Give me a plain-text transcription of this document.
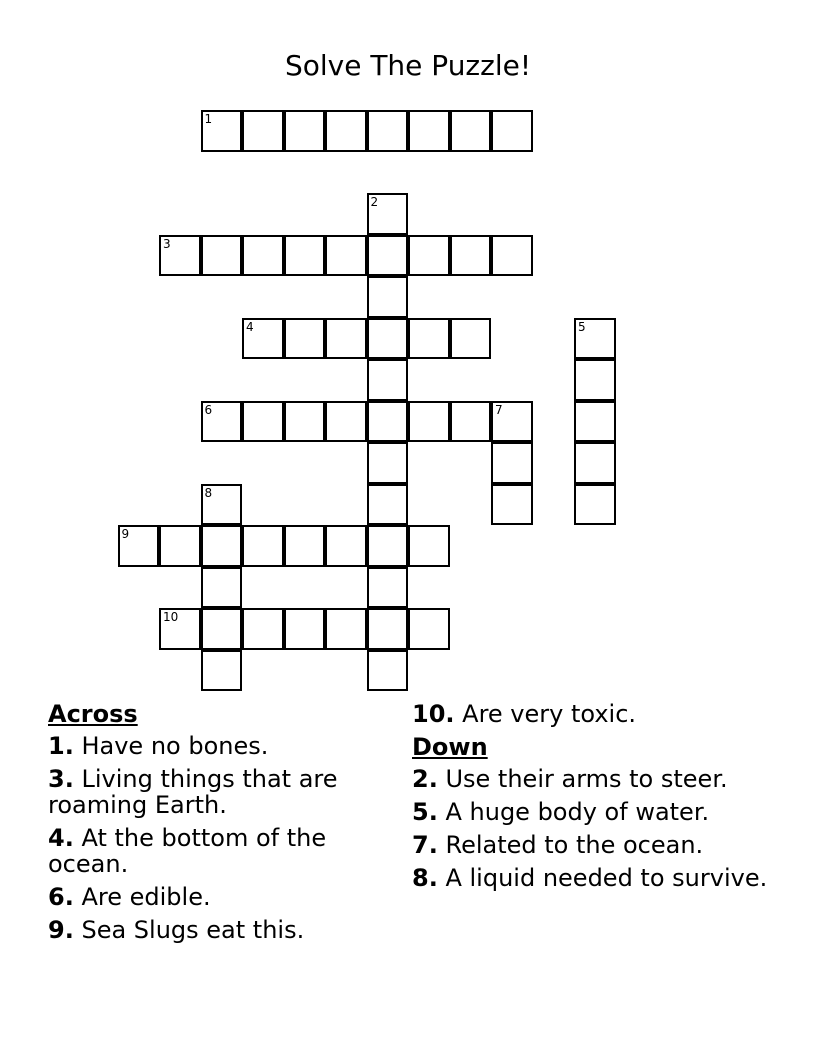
Solve The Puzzle!
1
2
3
4	5
6	7
8
9
10
Across
1. Have no bones.
3. Living things that are roaming Earth.
4. At the bottom of the ocean.
6. Are edible.
9. Sea Slugs eat this.
10. Are very toxic.
Down
2. Use their arms to steer.
5. A huge body of water.
7. Related to the ocean.
8. A liquid needed to survive.
